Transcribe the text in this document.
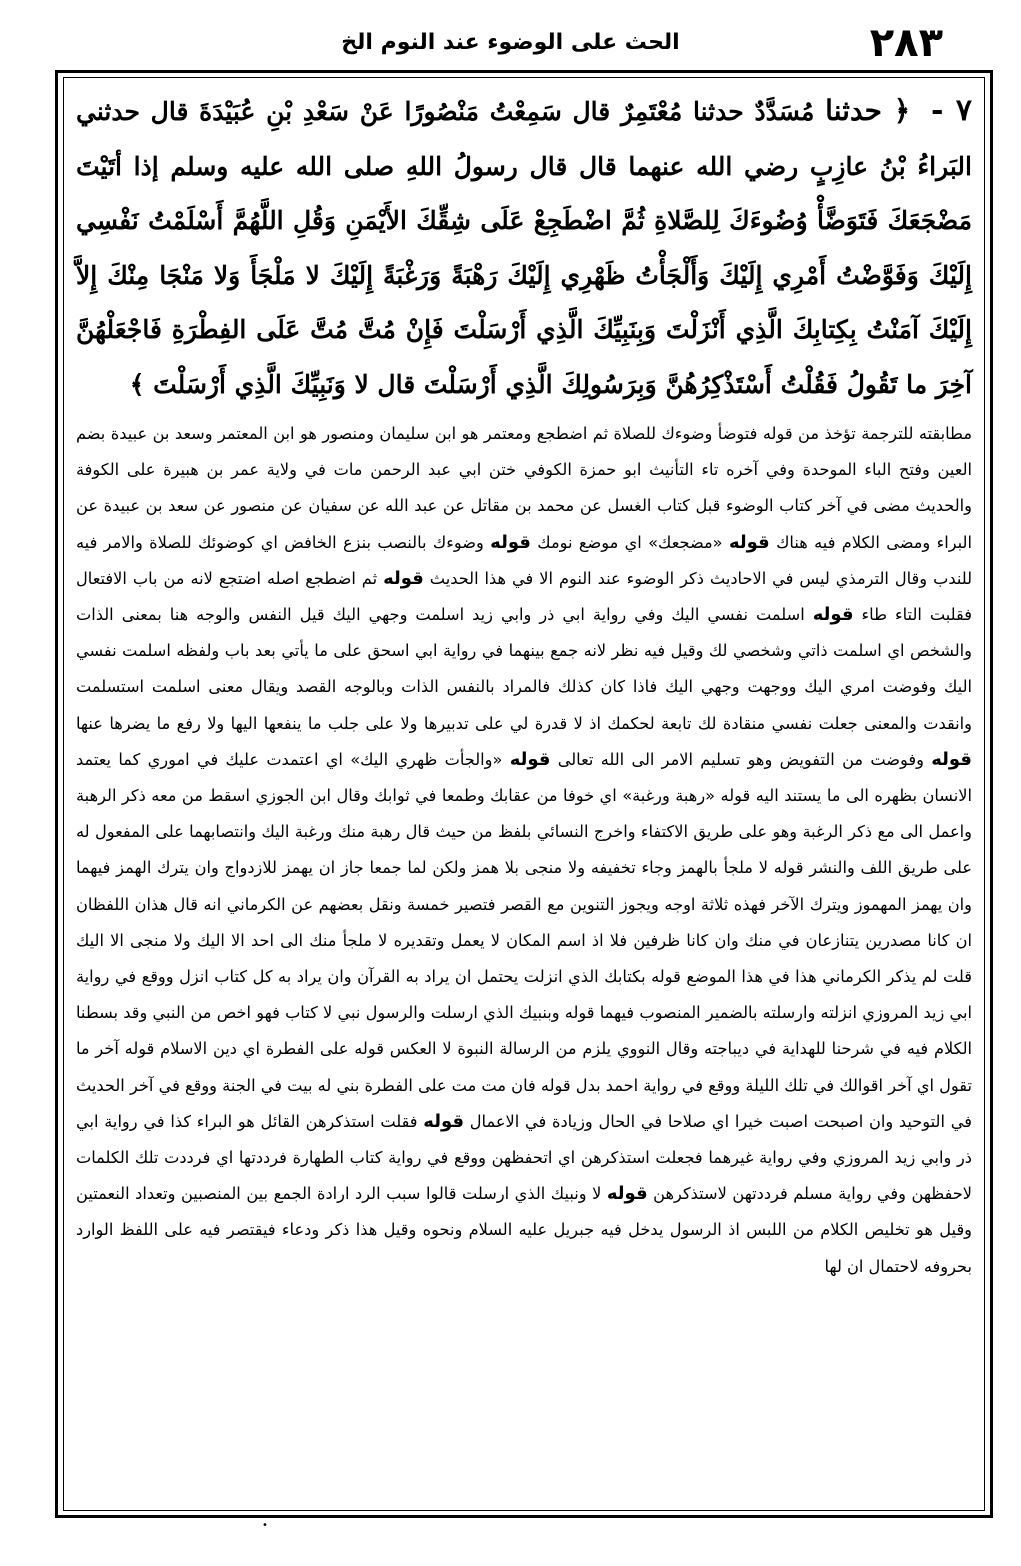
٢٨٣
الحث على الوضوء عند النوم الخ

٧ - ﴿ حدثنا مُسَدَّدٌ حدثنا مُعْتَمِرٌ قال سَمِعْتُ مَنْصُورًا عَنْ سَعْدِ بْنِ عُبَيْدَةَ قال حدثني البَراءُ بْنُ عازِبٍ رضي الله عنهما قال قال رسولُ اللهِ صلى الله عليه وسلم إذا أتَيْتَ مَضْجَعَكَ فَتَوَضَّأْ وُضُوءَكَ لِلصَّلاةِ ثُمَّ اضْطَجِعْ عَلَى شِقِّكَ الأَيْمَنِ وَقُلِ اللَّهُمَّ أَسْلَمْتُ نَفْسِي إِلَيْكَ وَفَوَّضْتُ أَمْرِي إِلَيْكَ وَأَلْجَأْتُ ظَهْرِي إِلَيْكَ رَهْبَةً وَرَغْبَةً إِلَيْكَ لا مَلْجَأَ وَلا مَنْجَا مِنْكَ إِلاَّ إِلَيْكَ آمَنْتُ بِكِتابِكَ الَّذِي أَنْزَلْتَ وَبِنَبِيِّكَ الَّذِي أَرْسَلْتَ فَإِنْ مُتَّ مُتَّ عَلَى الفِطْرَةِ فَاجْعَلْهُنَّ آخِرَ ما تَقُولُ فَقُلْتُ أَسْتَذْكِرُهُنَّ وَبِرَسُولِكَ الَّذِي أَرْسَلْتَ قال لا وَنَبِيِّكَ الَّذِي أَرْسَلْتَ ﴾

مطابقته للترجمة تؤخذ من قوله فتوضأ وضوءك للصلاة ثم اضطجع ومعتمر هو ابن سليمان ومنصور هو ابن المعتمر وسعد بن عبيدة بضم العين وفتح الباء الموحدة وفي آخره تاء التأنيث ابو حمزة الكوفي ختن ابي عبد الرحمن مات في ولاية عمر بن هبيرة على الكوفة والحديث مضى في آخر كتاب الوضوء قبل كتاب الغسل عن محمد بن مقاتل عن عبد الله عن سفيان عن منصور عن سعد بن عبيدة عن البراء ومضى الكلام فيه هناك قوله «مضجعك» اي موضع نومك قوله وضوءك بالنصب بنزع الخافض اي كوضوئك للصلاة والامر فيه للندب وقال الترمذي ليس في الاحاديث ذكر الوضوء عند النوم الا في هذا الحديث قوله ثم اضطجع اصله اضتجع لانه من باب الافتعال فقلبت التاء طاء قوله اسلمت نفسي اليك وفي رواية ابي ذر وابي زيد اسلمت وجهي اليك قيل النفس والوجه هنا بمعنى الذات والشخص اي اسلمت ذاتي وشخصي لك وقيل فيه نظر لانه جمع بينهما في رواية ابي اسحق على ما يأتي بعد باب ولفظه اسلمت نفسي اليك وفوضت امري اليك ووجهت وجهي اليك فاذا كان كذلك فالمراد بالنفس الذات وبالوجه القصد ويقال معنى اسلمت استسلمت وانقدت والمعنى جعلت نفسي منقادة لك تابعة لحكمك اذ لا قدرة لي على تدبيرها ولا على جلب ما ينفعها اليها ولا رفع ما يضرها عنها قوله وفوضت من التفويض وهو تسليم الامر الى الله تعالى قوله «والجأت ظهري اليك» اي اعتمدت عليك في اموري كما يعتمد الانسان بظهره الى ما يستند اليه قوله «رهبة ورغبة» اي خوفا من عقابك وطمعا في ثوابك وقال ابن الجوزي اسقط من معه ذكر الرهبة واعمل الى مع ذكر الرغبة وهو على طريق الاكتفاء واخرج النسائي بلفظ من حيث قال رهبة منك ورغبة اليك وانتصابهما على المفعول له على طريق اللف والنشر قوله لا ملجأ بالهمز وجاء تخفيفه ولا منجى بلا همز ولكن لما جمعا جاز ان يهمز للازدواج وان يترك الهمز فيهما وان يهمز المهموز ويترك الآخر فهذه ثلاثة اوجه ويجوز التنوين مع القصر فتصير خمسة ونقل بعضهم عن الكرماني انه قال هذان اللفظان ان كانا مصدرين يتنازعان في منك وان كانا ظرفين فلا اذ اسم المكان لا يعمل وتقديره لا ملجأ منك الى احد الا اليك ولا منجى الا اليك قلت لم يذكر الكرماني هذا في هذا الموضع قوله بكتابك الذي انزلت يحتمل ان يراد به القرآن وان يراد به كل كتاب انزل ووقع في رواية ابي زيد المروزي انزلته وارسلته بالضمير المنصوب فيهما قوله وبنبيك الذي ارسلت والرسول نبي لا كتاب فهو اخص من النبي وقد بسطنا الكلام فيه في شرحنا للهداية في ديباجته وقال النووي يلزم من الرسالة النبوة لا العكس قوله على الفطرة اي دين الاسلام قوله آخر ما تقول اي آخر اقوالك في تلك الليلة ووقع في رواية احمد بدل قوله فان مت مت على الفطرة بني له بيت في الجنة ووقع في آخر الحديث في التوحيد وان اصبحت اصبت خيرا اي صلاحا في الحال وزيادة في الاعمال قوله فقلت استذكرهن القائل هو البراء كذا في رواية ابي ذر وابي زيد المروزي وفي رواية غيرهما فجعلت استذكرهن اي اتحفظهن ووقع في رواية كتاب الطهارة فرددتها اي فرددت تلك الكلمات لاحفظهن وفي رواية مسلم فرددتهن لاستذكرهن قوله لا ونبيك الذي ارسلت قالوا سبب الرد ارادة الجمع بين المنصبين وتعداد النعمتين وقيل هو تخليص الكلام من اللبس اذ الرسول يدخل فيه جبريل عليه السلام ونحوه وقيل هذا ذكر ودعاء فيقتصر فيه على اللفظ الوارد بحروفه لاحتمال ان لها

•
